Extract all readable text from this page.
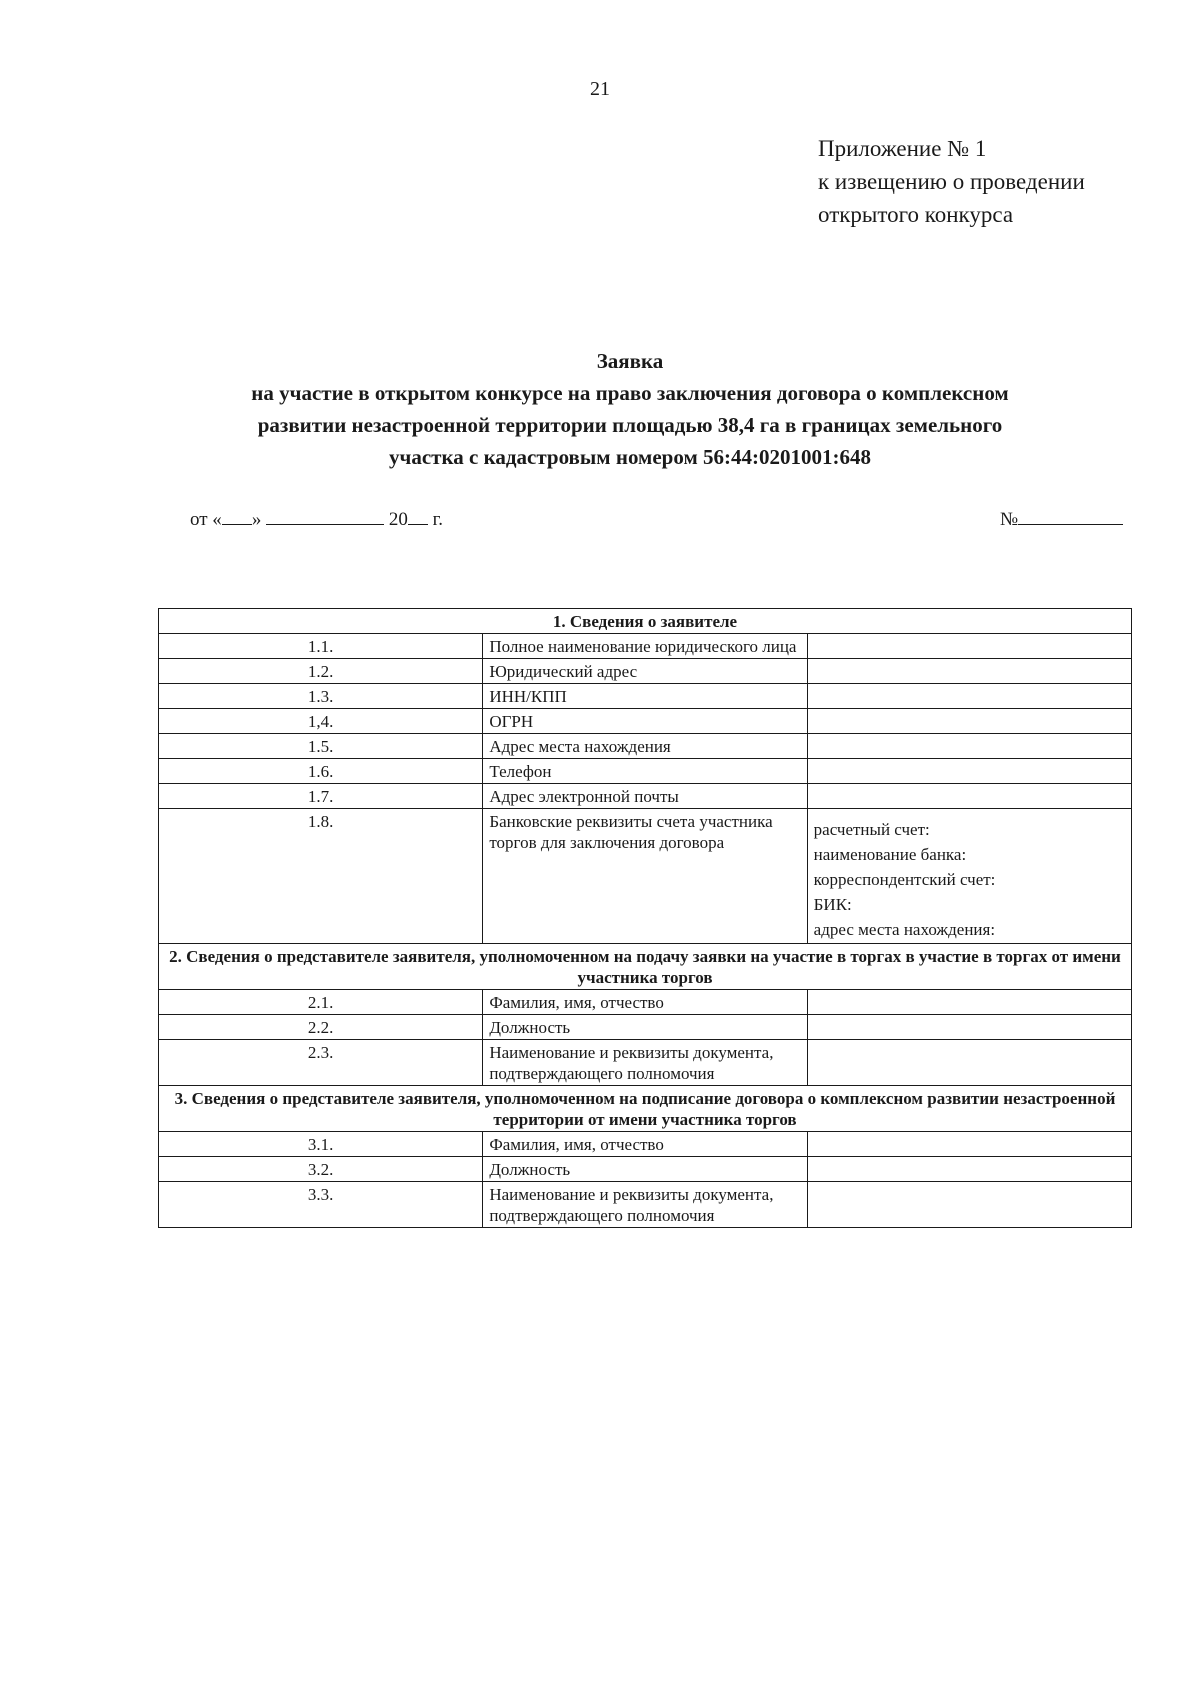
21
Приложение № 1
к извещению о проведении
открытого конкурса
Заявка
на участие в открытом конкурсе на право заключения договора о комплексном
развитии незастроенной территории площадью 38,4 га в границах земельного
участка с кадастровым номером 56:44:0201001:648
от « »	20 г.	№
1. Сведения о заявителе		
1.1.	Полное наименование юридического лица	
1.2.	Юридический адрес	
1.3.	ИНН/КПП	
1,4.	ОГРН	
1.5.	Адрес места нахождения	
1.6.	Телефон	
1.7.	Адрес электронной почты	
1.8.	Банковские реквизиты счета участника торгов для заключения договора	расчетный счет:
наименование банка:
корреспондентский счет:
БИК:
адрес места нахождения:

2. Сведения о представителе заявителя, уполномоченном на подачу заявки на участие в торгах в участие в торгах от имени участника торгов		
2.1.	Фамилия, имя, отчество	
2.2.	Должность	
2.3.	Наименование и реквизиты документа, подтверждающего полномочия	
3. Сведения о представителе заявителя, уполномоченном на подписание договора о комплексном развитии незастроенной территории от имени участника торгов		
3.1.	Фамилия, имя, отчество	
3.2.	Должность	
3.3.	Наименование и реквизиты документа, подтверждающего полномочия	
